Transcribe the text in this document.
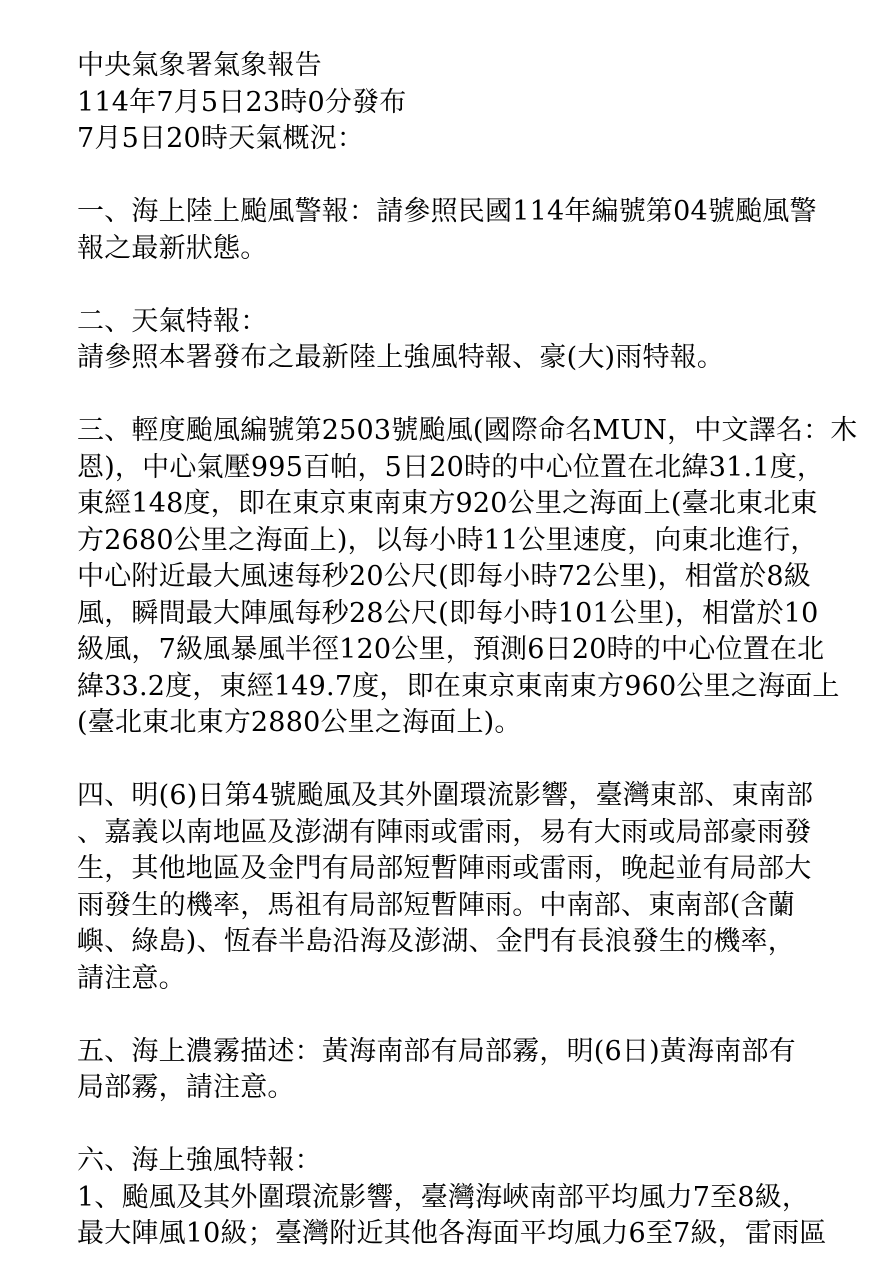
中央氣象署氣象報告
114年7月5日23時0分發布
7月5日20時天氣概況：
一、海上陸上颱風警報：請參照民國114年編號第04號颱風警
報之最新狀態。
二、天氣特報：
請參照本署發布之最新陸上強風特報、豪(大)雨特報。
三、輕度颱風編號第2503號颱風(國際命名MUN，中文譯名：木
恩)，中心氣壓995百帕，5日20時的中心位置在北緯31.1度，
東經148度，即在東京東南東方920公里之海面上(臺北東北東
方2680公里之海面上)，以每小時11公里速度，向東北進行，
中心附近最大風速每秒20公尺(即每小時72公里)，相當於8級
風，瞬間最大陣風每秒28公尺(即每小時101公里)，相當於10
級風，7級風暴風半徑120公里，預測6日20時的中心位置在北
緯33.2度，東經149.7度，即在東京東南東方960公里之海面上
(臺北東北東方2880公里之海面上)。
四、明(6)日第4號颱風及其外圍環流影響，臺灣東部、東南部
、嘉義以南地區及澎湖有陣雨或雷雨，易有大雨或局部豪雨發
生，其他地區及金門有局部短暫陣雨或雷雨，晚起並有局部大
雨發生的機率，馬祖有局部短暫陣雨。中南部、東南部(含蘭
嶼、綠島)、恆春半島沿海及澎湖、金門有長浪發生的機率，
請注意。
五、海上濃霧描述：黃海南部有局部霧，明(6日)黃海南部有
局部霧，請注意。
六、海上強風特報：
1、颱風及其外圍環流影響，臺灣海峽南部平均風力7至8級，
最大陣風10級；臺灣附近其他各海面平均風力6至7級，雷雨區
